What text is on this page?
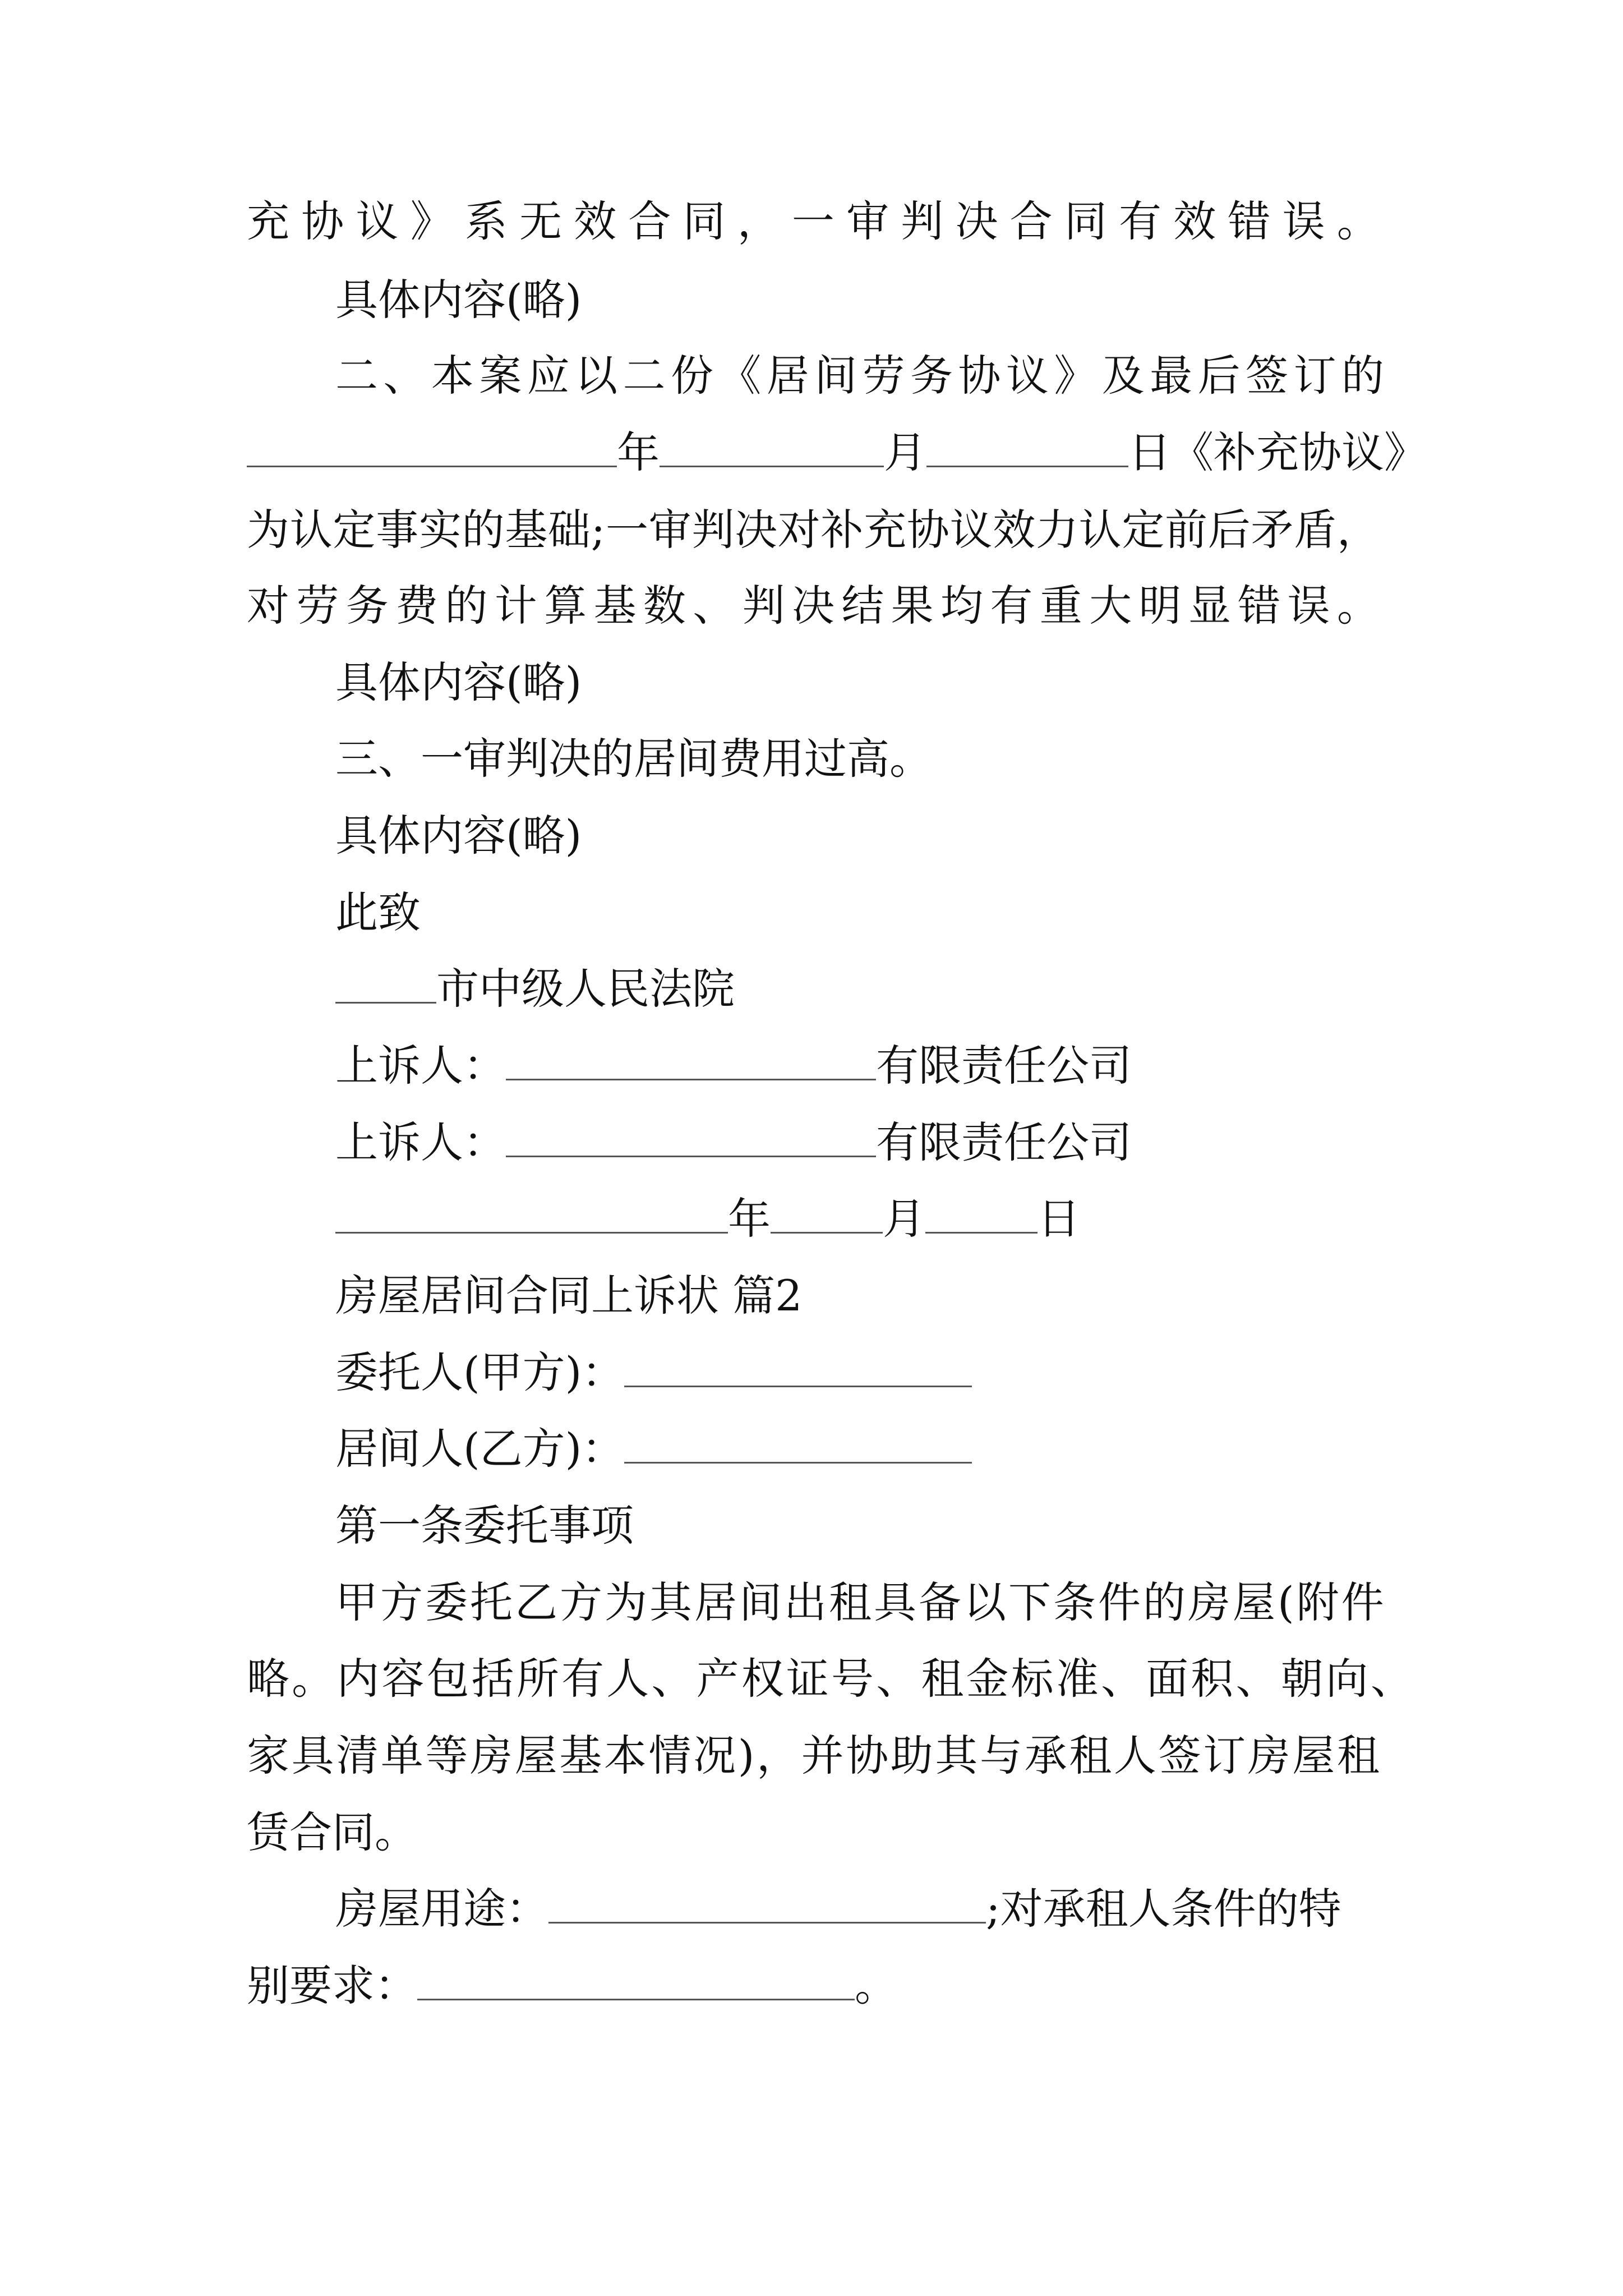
充 协 议 》 系 无 效 合 同 ， 一 审 判 决 合 同 有 效 错 误 。
具体内容(略)
二 、 本 案 应 以 二 份 《 居 间 劳 务 协 议 》 及 最 后 签 订 的
年	月	日《补充协议》
为 认 定 事 实 的 基 础 ; 一 审 判 决 对 补 充 协 议 效 力 认 定 前 后 矛 盾 ，
对 劳 务 费 的 计 算 基 数 、 判 决 结 果 均 有 重 大 明 显 错 误 。
具体内容(略)
三、一审判决的居间费用过高。
具体内容(略)
此致
市中级人民法院
上诉人：	有限责任公司
上诉人：	有限责任公司
年	月	日
房屋居间合同上诉状 篇2
委托人(甲方)：
居间人(乙方)：
第一条委托事项
甲 方 委 托 乙 方 为 其 居 间 出 租 具 备 以 下 条 件 的 房 屋 ( 附 件
略 。 内 容 包 括 所 有 人 、 产 权 证 号 、 租 金 标 准 、 面 积 、 朝 向 、
家 具 清 单 等 房 屋 基 本 情 况 ) ， 并 协 助 其 与 承 租 人 签 订 房 屋 租
赁合同。
房屋用途：	;对承租人条件的特
别要求：	。
